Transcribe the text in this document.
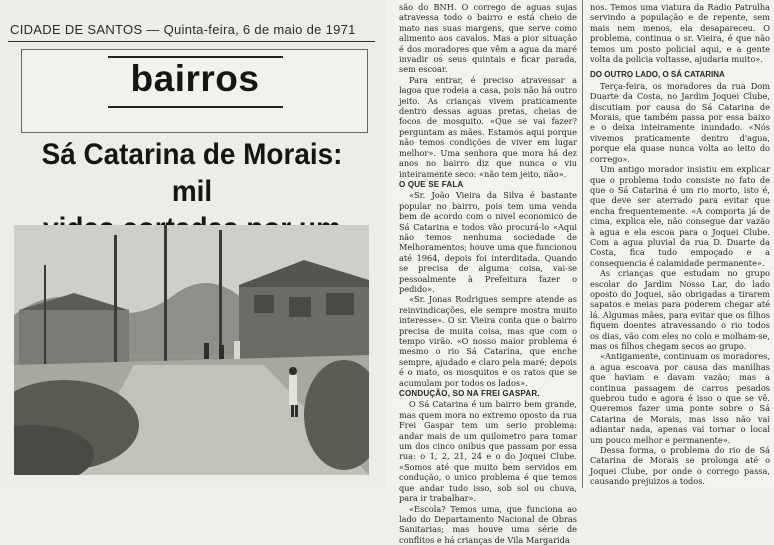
CIDADE DE SANTOS — Quinta-feira, 6 de maio de 1971
bairros
Sá Catarina de Morais: mil

são do BNH. O corrego de aguas sujas atravessa todo o bairro e está cheio de mato nas suas margens, que serve como alimento aos cavalos. Mas a pior situação é dos moradores que vêm a agua da maré invadir os seus quintais e ficar parada, sem escoar.

Para entrar, é preciso atravessar a lagoa que rodeia a casa, pois não há outro jeito. As crianças vivem praticamente dentro dessas aguas pretas, cheias de focos de mosquito. «Que se vai fazer? perguntam as mães. Estamos aqui porque não temos condições de viver em lugar melhor». Uma senhora que mora há dez anos no bairro diz que nunca o viu inteiramente seco: «não tem jeito, não».

O QUE SE FALA

«Sr. João Vieira da Silva é bastante popular no bairro, pois tem uma venda bem de acordo com o nivel economico de Sá Catarina e todos vão procurá-lo «Aqui não temos nenhuma sociedade de Melhoramentos; houve uma que funcionou até 1964, depois foi interditada. Quando se precisa de alguma coisa, vai-se pessoalmente à Prefeitura fazer o pedido».

«Sr. Jonas Rodrigues sempre atende as reinvindicações, ele sempre mostra muito interesse». O sr. Vieira conta que o bairro precisa de muita coisa, mas que com o tempo virão. «O nosso maior problema é mesmo o rio Sá Catarina, que enche sempre, ajudado e claro pela maré; depois é o mato, os mosquitos e os ratos que se acumulam por todos os lados».

CONDUÇÃO, SO NA FREI GASPAR.

O Sá Catarina é um bairro bem grande, mas quem mora no extremo oposto da rua Frei Gaspar tem um serio problema: andar mais de um quilometro para tomar um dos cinco onibus que passam por essa rua: o 1, 2, 21, 24 e o do Joquei Clube. «Somos até que muito bem servidos em condução, o unico problema é que temos que andar tudo isso, sob sol ou chuva, para ir trabalhar».

«Escola? Temos uma, que funciona ao lado do Departamento Nacional de Obras Sanitarias; mas houve uma série de conflitos e há crianças de Vila Margarida

nos. Temos uma viatura da Radio Patrulha servindo a população e de repente, sem mais nem menos, ela desapareceu. O problema, continua o sr. Vieira, é que não temos um posto policial aqui, e a gente volta da policia voltasse, ajudaria muito».

DO OUTRO LADO, O SÁ CATARINA

Terça-feira, os moradores da rua Dom Duarte da Costa, no Jardim Joquei Clube, discutiam por causa do Sá Catarina de Morais, que também passa por essa baixo e o deixa inteiramente inundado. «Nós vivemos praticamente dentro d'agua, porque ela quase nunca volta ao leito do corrego».

Um antigo morador insistiu em explicar que o problema todo consiste no fato de que o Sá Catarina é um rio morto, isto é, que deve ser aterrado para evitar que encha frequentemente. «A comporta já de cima, explica ele, não consegue dar vazão à agua e ela escoa para o Joquei Clube. Com a agua pluvial da rua D. Duarte da Costa, fica tudo empoçado e a consequencia é calamidade permanente».

As crianças que estudam no grupo escolar do Jardim Nosso Lar, do lado oposto do Joquei, são obrigadas a tirarem sapatos e meias para poderem chegar até lá. Algumas mães, para evitar que os filhos fiquem doentes atravessando o rio todos os dias, vão com eles no colo e molham-se, mas os filhos chegam secos ao grupo.

«Antigamente, continuam os moradores, a agua escoava por causa das manilhas que haviam e davam vazão; mas a continua passagem de carros pesados quebrou tudo e agora é isso o que se vê. Queremos fazer uma ponte sobre o Sá Catarina de Morais, mas isso não vai adiantar nada, apenas vai tornar o local um pouco melhor e permanente».

Dessa forma, o problema do rio de Sá Catarina de Morais se prolonga até o Joquei Clube, por onde o corrego passa, causando prejuizos a todos.
